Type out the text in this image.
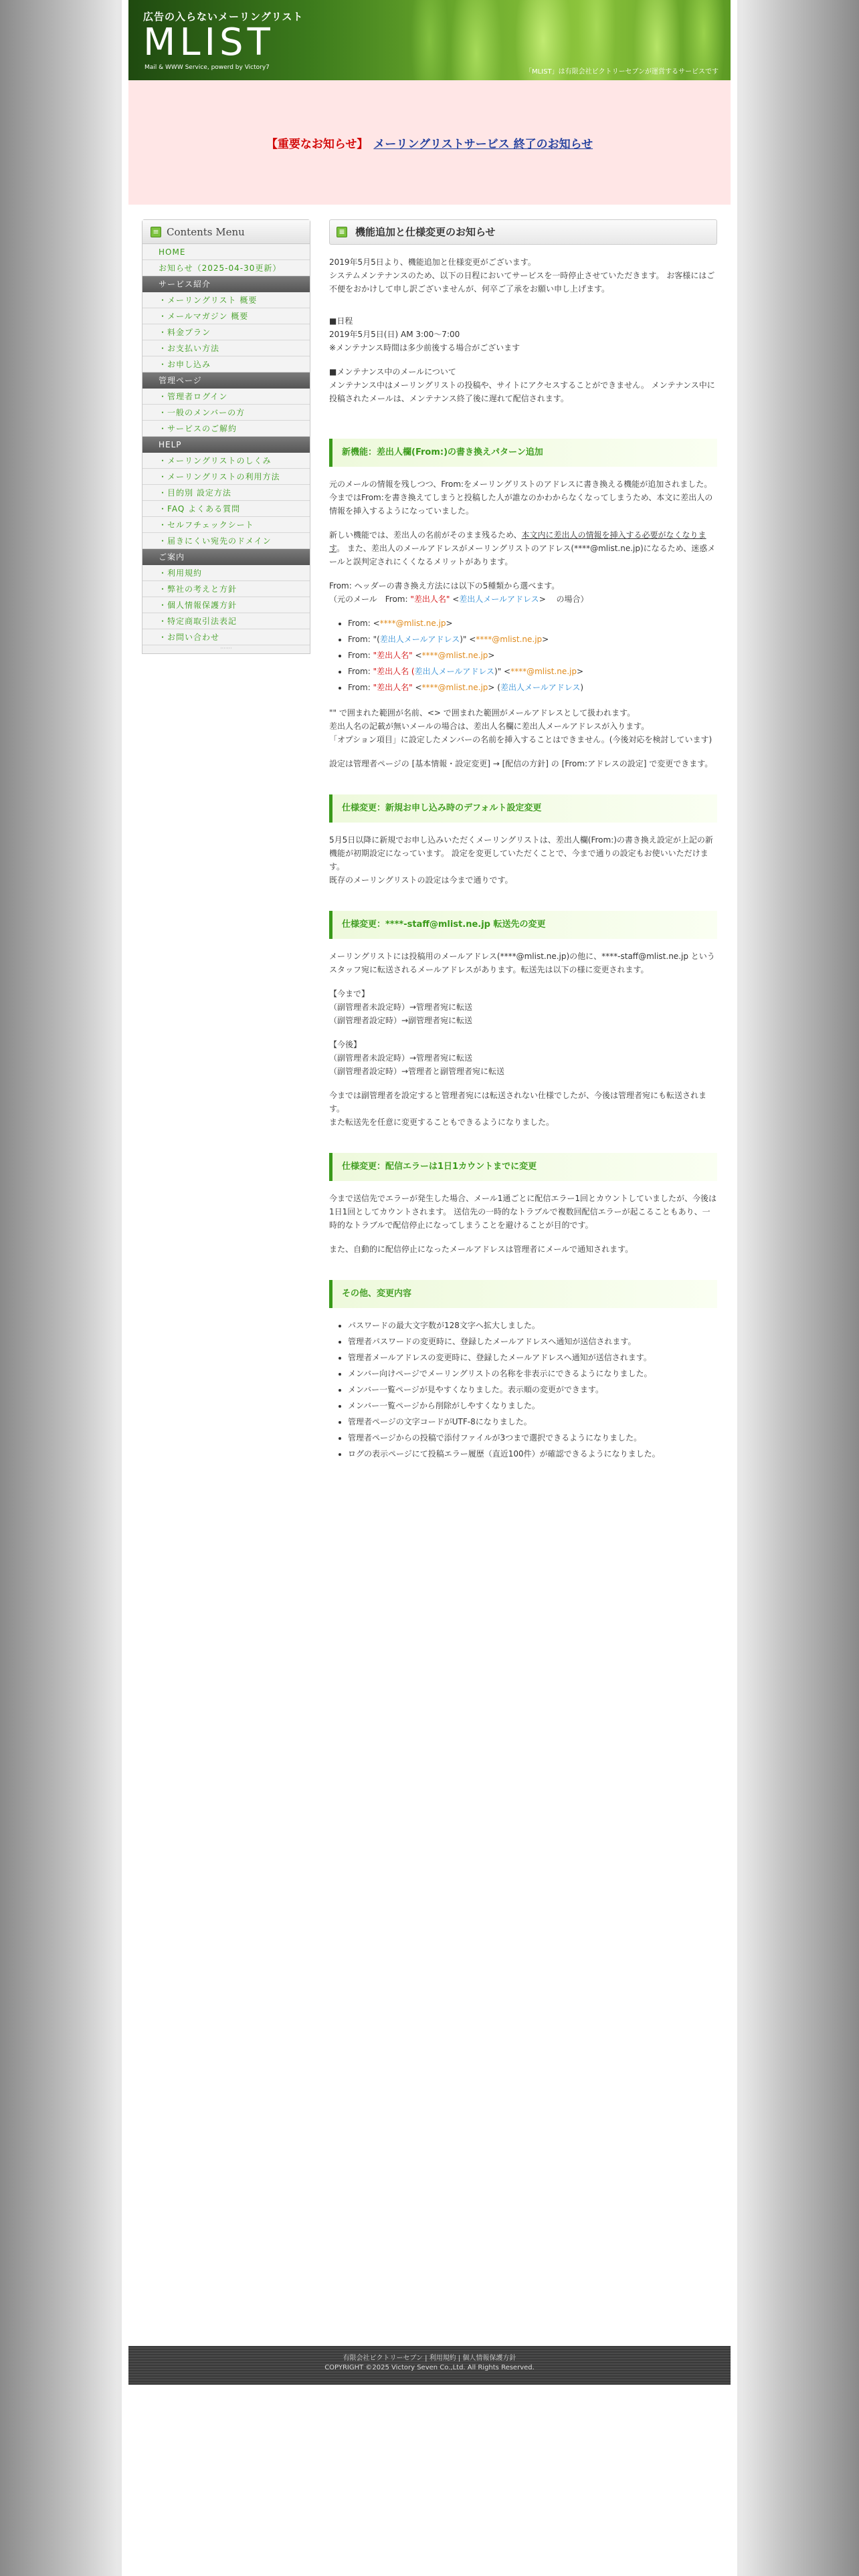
広告の入らないメーリングリスト
MLIST
Mail & WWW Service, powerd by Victory7
「MLIST」は有限会社ビクトリーセブンが運営するサービスです
【重要なお知らせ】 メーリングリストサービス 終了のお知らせ
≡ Contents Menu
HOME
お知らせ（2025-04-30更新）
サービス紹介
・ メーリングリスト 概要
・ メールマガジン 概要
・ 料金プラン
・ お支払い方法
・ お申し込み
管理ページ
・ 管理者ログイン
・ 一般のメンバーの方
・ サービスのご解約
HELP
・ メーリングリストのしくみ
・ メーリングリストの利用方法
・ 目的別 設定方法
・ FAQ よくある質問
・ セルフチェックシート
・ 届きにくい宛先のドメイン
ご案内
・ 利用規約
・ 弊社の考えと方針
・ 個人情報保護方針
・ 特定商取引法表記
・ お問い合わせ
·······
≡ 機能追加と仕様変更のお知らせ
2019年5月5日より、機能追加と仕様変更がございます。
システムメンテナンスのため、以下の日程においてサービスを一時停止させていただきます。 お客様にはご不便をおかけして申し訳ございませんが、何卒ご了承をお願い申し上げます。
■日程
2019年5月5日(日) AM 3:00〜7:00
※メンテナンス時間は多少前後する場合がございます
■メンテナンス中のメールについて
メンテナンス中はメーリングリストの投稿や、サイトにアクセスすることができません。 メンテナンス中に投稿されたメールは、メンテナンス終了後に遅れて配信されます。
新機能：差出人欄(From:)の書き換えパターン追加
元のメールの情報を残しつつ、From:をメーリングリストのアドレスに書き換える機能が追加されました。 今まではFrom:を書き換えてしまうと投稿した人が誰なのかわからなくなってしまうため、本文に差出人の情報を挿入するようになっていました。
新しい機能では、差出人の名前がそのまま残るため、本文内に差出人の情報を挿入する必要がなくなります。 また、差出人のメールアドレスがメーリングリストのアドレス(****@mlist.ne.jp)になるため、迷惑メールと誤判定されにくくなるメリットがあります。
From: ヘッダーの書き換え方法には以下の5種類から選べます。
（元のメール　From: "差出人名" <差出人メールアドレス> 　の場合）
• From: <****@mlist.ne.jp>
• From: "(差出人メールアドレス)" <****@mlist.ne.jp>
• From: "差出人名" <****@mlist.ne.jp>
• From: "差出人名 (差出人メールアドレス)" <****@mlist.ne.jp>
• From: "差出人名" <****@mlist.ne.jp> (差出人メールアドレス)
"" で囲まれた範囲が名前、<> で囲まれた範囲がメールアドレスとして扱われます。
差出人名の記載が無いメールの場合は、差出人名欄に差出人メールアドレスが入ります。
「オプション項目」に設定したメンバーの名前を挿入することはできません。(今後対応を検討しています)
設定は管理者ページの [基本情報・設定変更] → [配信の方針] の [From:アドレスの設定] で変更できます。
仕様変更：新規お申し込み時のデフォルト設定変更
5月5日以降に新規でお申し込みいただくメーリングリストは、差出人欄(From:)の書き換え設定が上記の新機能が初期設定になっています。 設定を変更していただくことで、今まで通りの設定もお使いいただけます。
既存のメーリングリストの設定は今まで通りです。
仕様変更：****-staff@mlist.ne.jp 転送先の変更
メーリングリストには投稿用のメールアドレス(****@mlist.ne.jp)の他に、****-staff@mlist.ne.jp というスタッフ宛に転送されるメールアドレスがあります。転送先は以下の様に変更されます。
【今まで】
（副管理者未設定時）→管理者宛に転送
（副管理者設定時）→副管理者宛に転送
【今後】
（副管理者未設定時）→管理者宛に転送
（副管理者設定時）→管理者と副管理者宛に転送
今までは副管理者を設定すると管理者宛には転送されない仕様でしたが、今後は管理者宛にも転送されます。
また転送先を任意に変更することもできるようになりました。
仕様変更：配信エラーは1日1カウントまでに変更
今まで送信先でエラーが発生した場合、メール1通ごとに配信エラー1回とカウントしていましたが、今後は1日1回としてカウントされます。 送信先の一時的なトラブルで複数回配信エラーが起こることもあり、一時的なトラブルで配信停止になってしまうことを避けることが目的です。
また、自動的に配信停止になったメールアドレスは管理者にメールで通知されます。
その他、変更内容
• パスワードの最大文字数が128文字へ拡大しました。
• 管理者パスワードの変更時に、登録したメールアドレスへ通知が送信されます。
• 管理者メールアドレスの変更時に、登録したメールアドレスへ通知が送信されます。
• メンバー向けページでメーリングリストの名称を非表示にできるようになりました。
• メンバー一覧ページが見やすくなりました。表示順の変更ができます。
• メンバー一覧ページから削除がしやすくなりました。
• 管理者ページの文字コードがUTF-8になりました。
• 管理者ページからの投稿で添付ファイルが3つまで選択できるようになりました。
• ログの表示ページにて投稿エラー履歴（直近100件）が確認できるようになりました。
有限会社ビクトリーセブン | 利用規約 | 個人情報保護方針
COPYRIGHT ©2025 Victory Seven Co.,Ltd. All Rights Reserved.
